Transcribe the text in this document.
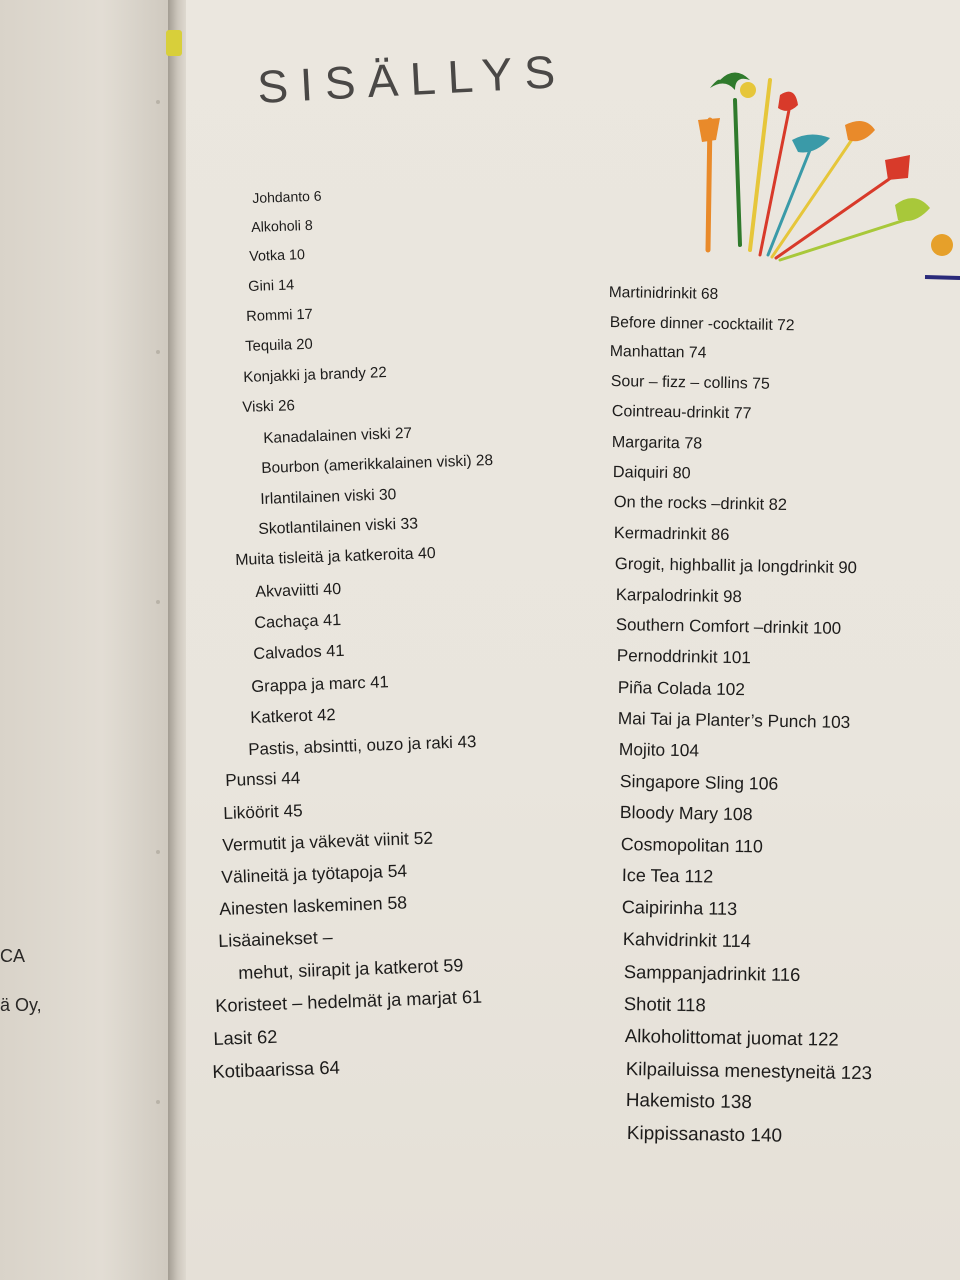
CA
ä Oy,
SISÄLLYS
Johdanto 6
Alkoholi 8
Votka 10
Gini 14
Rommi 17
Tequila 20
Konjakki ja brandy 22
Viski 26
Kanadalainen viski 27
Bourbon (amerikkalainen viski) 28
Irlantilainen viski 30
Skotlantilainen viski 33
Muita tisleitä ja katkeroita 40
Akvaviitti 40
Cachaça 41
Calvados 41
Grappa ja marc 41
Katkerot 42
Pastis, absintti, ouzo ja raki 43
Punssi 44
Liköörit 45
Vermutit ja väkevät viinit 52
Välineitä ja työtapoja 54
Ainesten laskeminen 58
Lisäainekset –
mehut, siirapit ja katkerot 59
Koristeet – hedelmät ja marjat 61
Lasit 62
Kotibaarissa 64
Martinidrinkit 68
Before dinner -cocktailit 72
Manhattan 74
Sour – fizz – collins 75
Cointreau-drinkit 77
Margarita 78
Daiquiri 80
On the rocks –drinkit 82
Kermadrinkit 86
Grogit, highballit ja longdrinkit 90
Karpalodrinkit 98
Southern Comfort –drinkit 100
Pernoddrinkit 101
Piña Colada 102
Mai Tai ja Planter’s Punch 103
Mojito 104
Singapore Sling 106
Bloody Mary 108
Cosmopolitan 110
Ice Tea 112
Caipirinha 113
Kahvidrinkit 114
Samppanjadrinkit 116
Shotit 118
Alkoholittomat juomat 122
Kilpailuissa menestyneitä 123
Hakemisto 138
Kippissanasto 140
